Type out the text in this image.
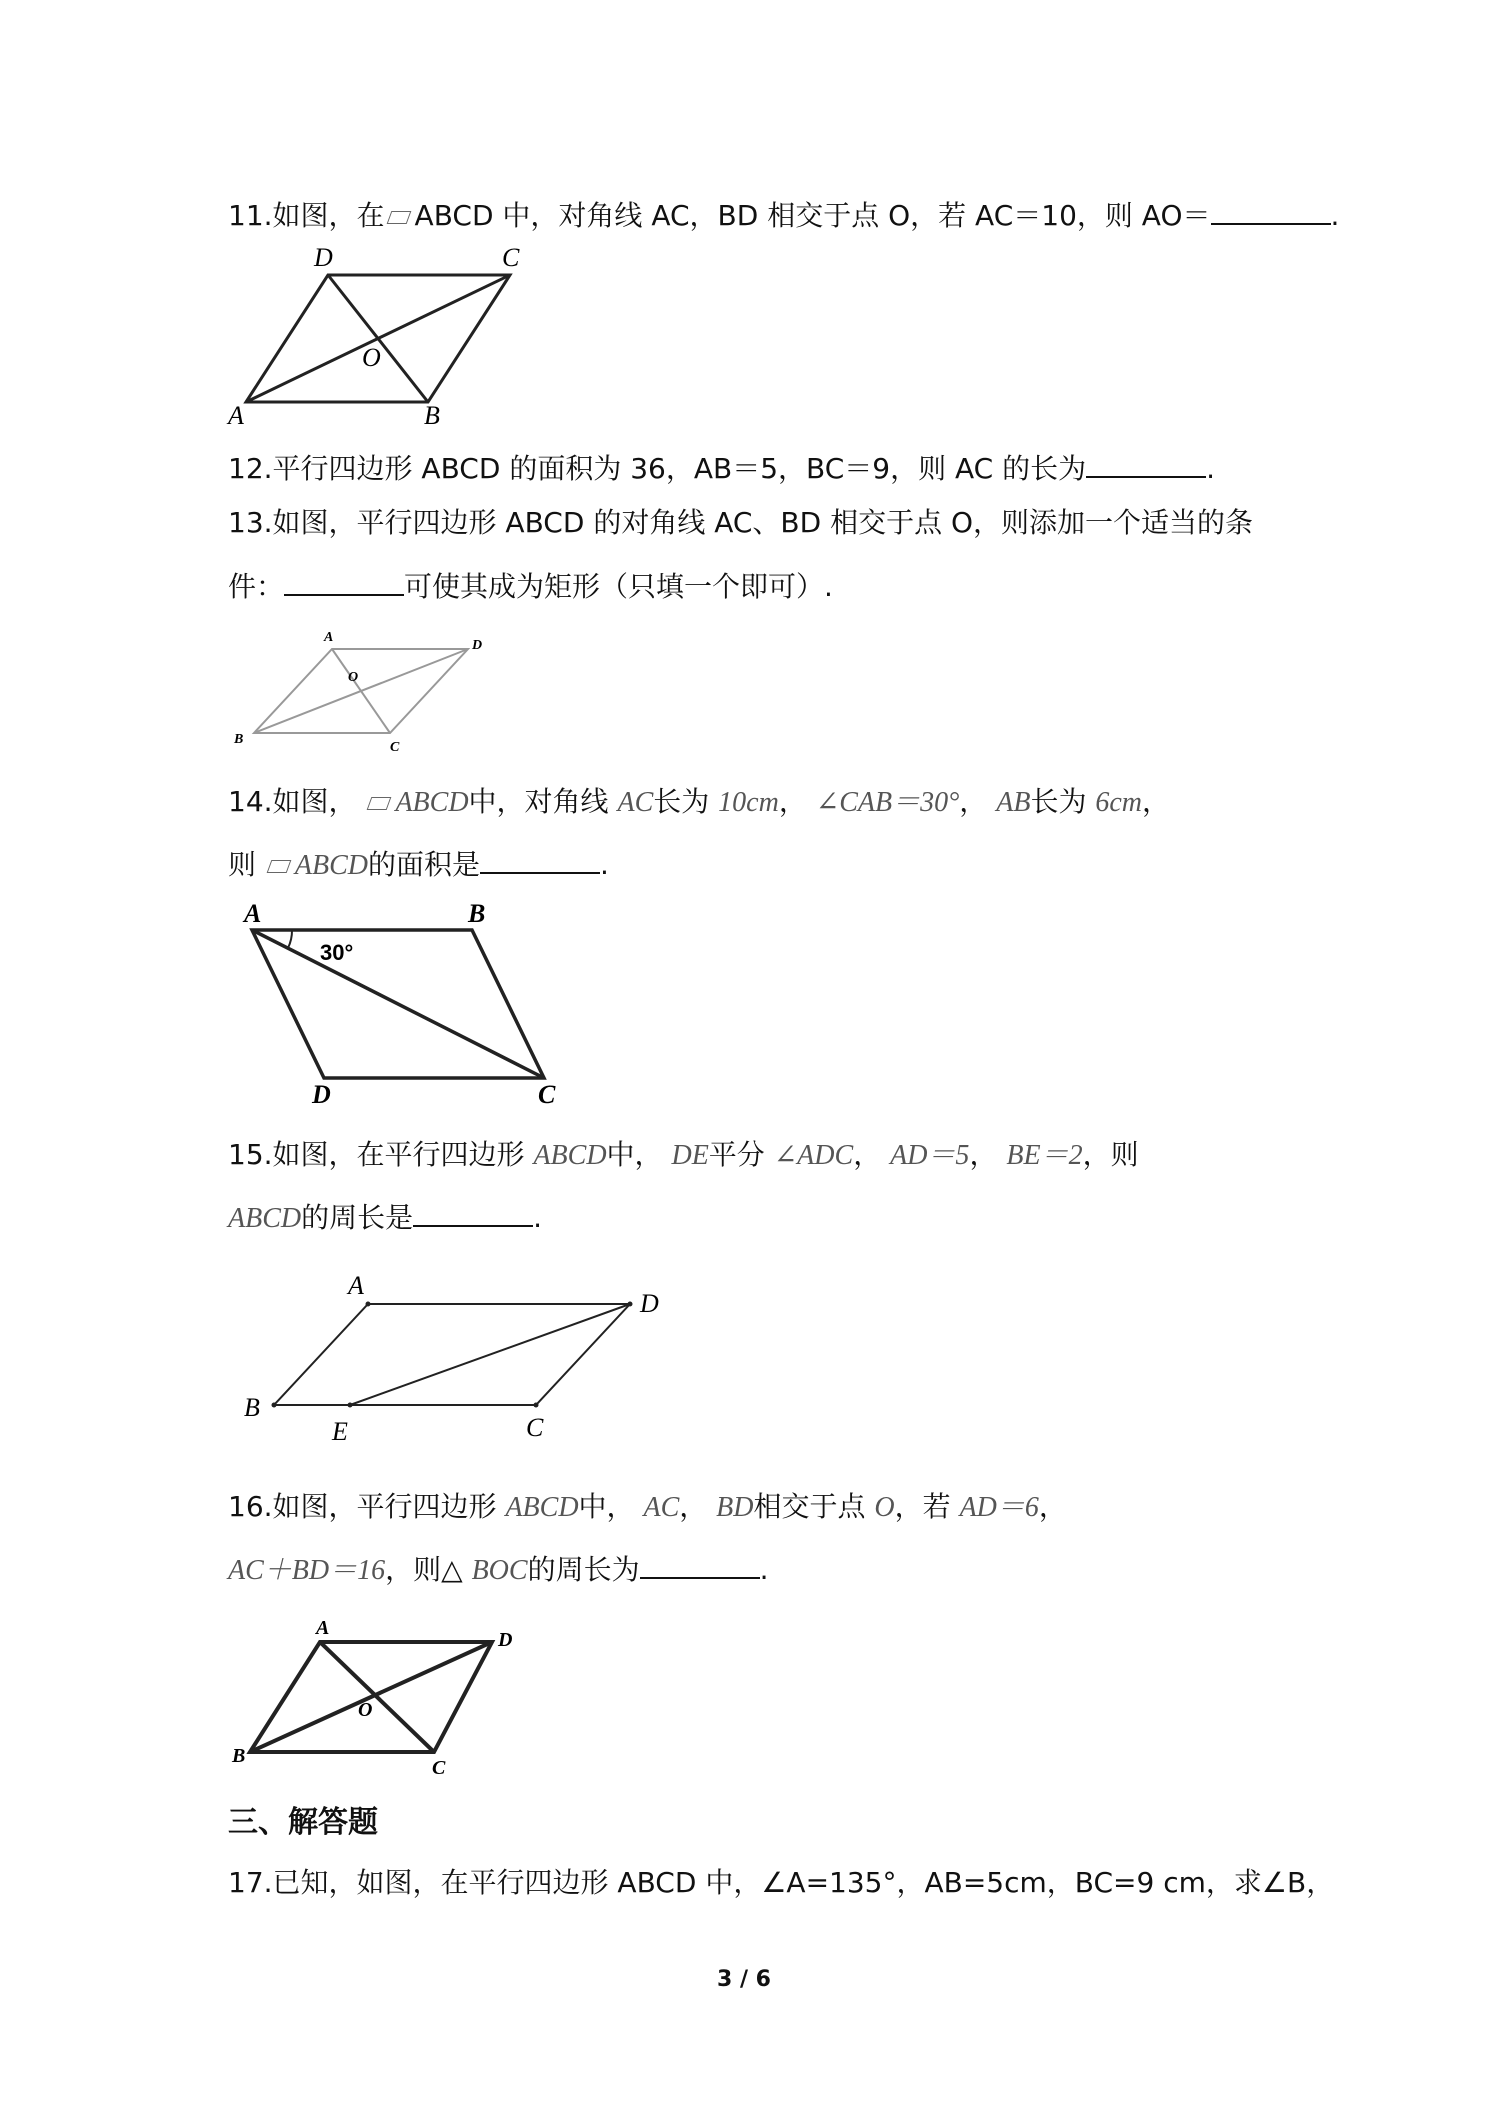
11.如图，在 ABCD 中，对角线 AC，BD 相交于点 O，若 AC＝10，则 AO＝	.
A	B
C
D
O
12.平行四边形 ABCD 的面积为 36，AB＝5，BC＝9，则 AC 的长为	.
13.如图，平行四边形 ABCD 的对角线 AC、BD 相交于点 O，则添加一个适当的条
件：	可使其成为矩形（只填一个即可）.
A
B
C
D
O
14.如图， ABCD中，对角线 AC长为 10cm， ∠CAB＝30°， AB长为 6cm，
则 ABCD的面积是	.
A	B
C
D
30°
15.如图，在平行四边形 ABCD中， DE平分 ∠ADC， AD＝5， BE＝2，则
ABCD的周长是	.
A
B
C
D
E
16.如图，平行四边形 ABCD中， AC， BD相交于点 O，若 AD＝6，
AC＋BD＝16，则△ BOC的周长为	.
A
B
C
D
O
三、解答题
17.已知，如图，在平行四边形 ABCD 中，∠A=135°，AB=5cm，BC=9 cm，求∠B，
3 / 6
